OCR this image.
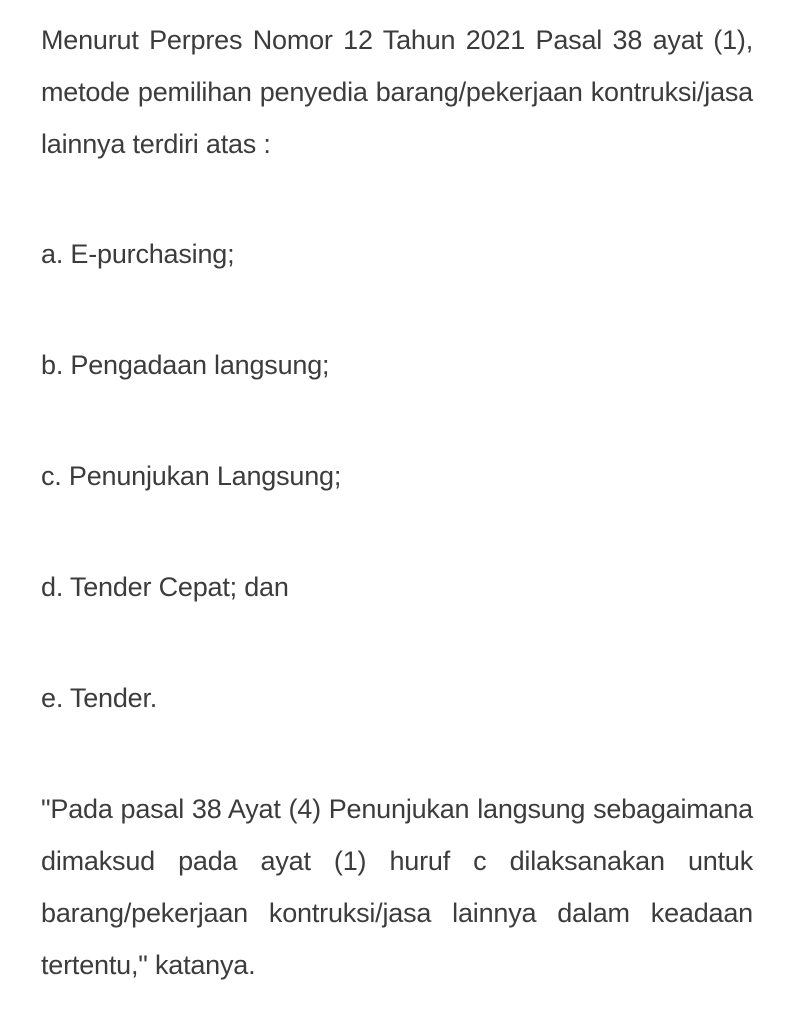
Menurut Perpres Nomor 12 Tahun 2021 Pasal 38 ayat (1), metode pemilihan penyedia barang/pekerjaan kontruksi/jasa lainnya terdiri atas :

a. E-purchasing;

b. Pengadaan langsung;

c. Penunjukan Langsung;

d. Tender Cepat; dan

e. Tender.

"Pada pasal 38 Ayat (4) Penunjukan langsung sebagaimana dimaksud pada ayat (1) huruf c dilaksanakan untuk barang/pekerjaan kontruksi/jasa lainnya dalam keadaan tertentu," katanya.
